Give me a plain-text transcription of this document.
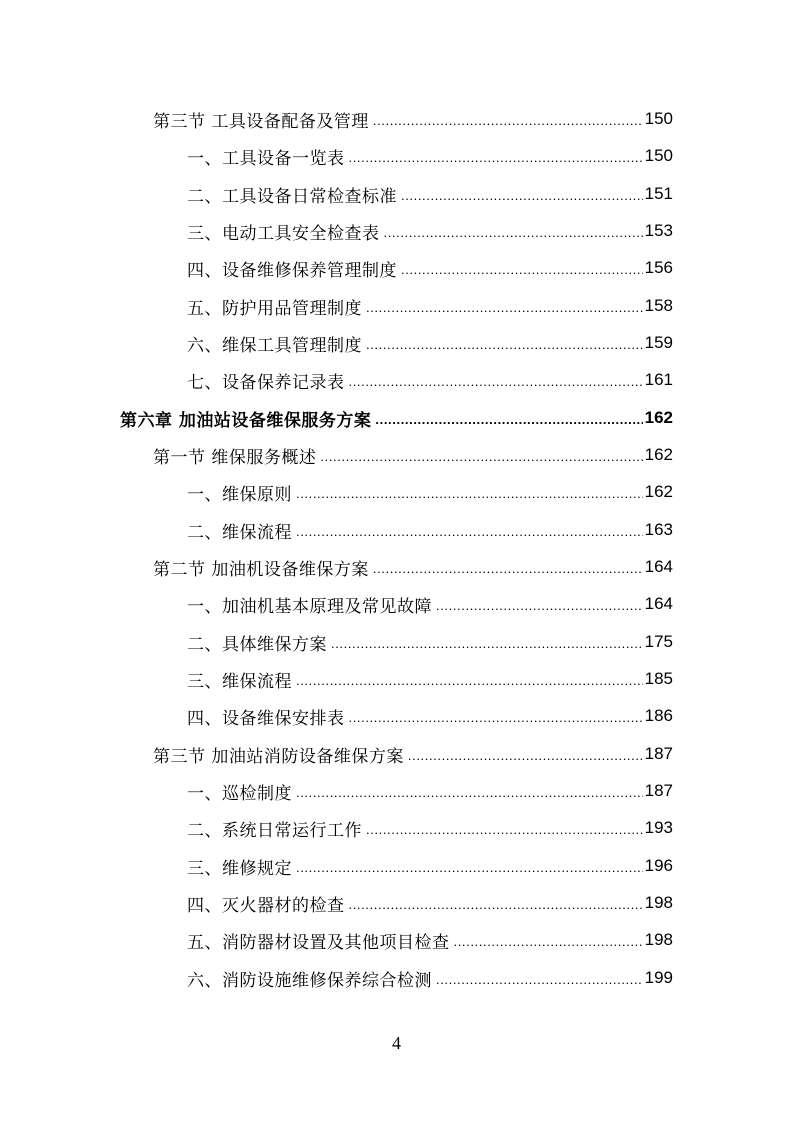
第三节 工具设备配备及管理 .....	150
一、工具设备一览表 .....	150
二、工具设备日常检查标准 .....	151
三、电动工具安全检查表 .....	153
四、设备维修保养管理制度 .....	156
五、防护用品管理制度 .....	158
六、维保工具管理制度 .....	159
七、设备保养记录表 .....	161
第六章 加油站设备维保服务方案 .....	162
第一节 维保服务概述 .....	162
一、维保原则 .....	162
二、维保流程 .....	163
第二节 加油机设备维保方案 .....	164
一、加油机基本原理及常见故障 .....	164
二、具体维保方案 .....	175
三、维保流程 .....	185
四、设备维保安排表 .....	186
第三节 加油站消防设备维保方案 .....	187
一、巡检制度 .....	187
二、系统日常运行工作 .....	193
三、维修规定 .....	196
四、灭火器材的检查 .....	198
五、消防器材设置及其他项目检查 .....	198
六、消防设施维修保养综合检测 .....	199
4
